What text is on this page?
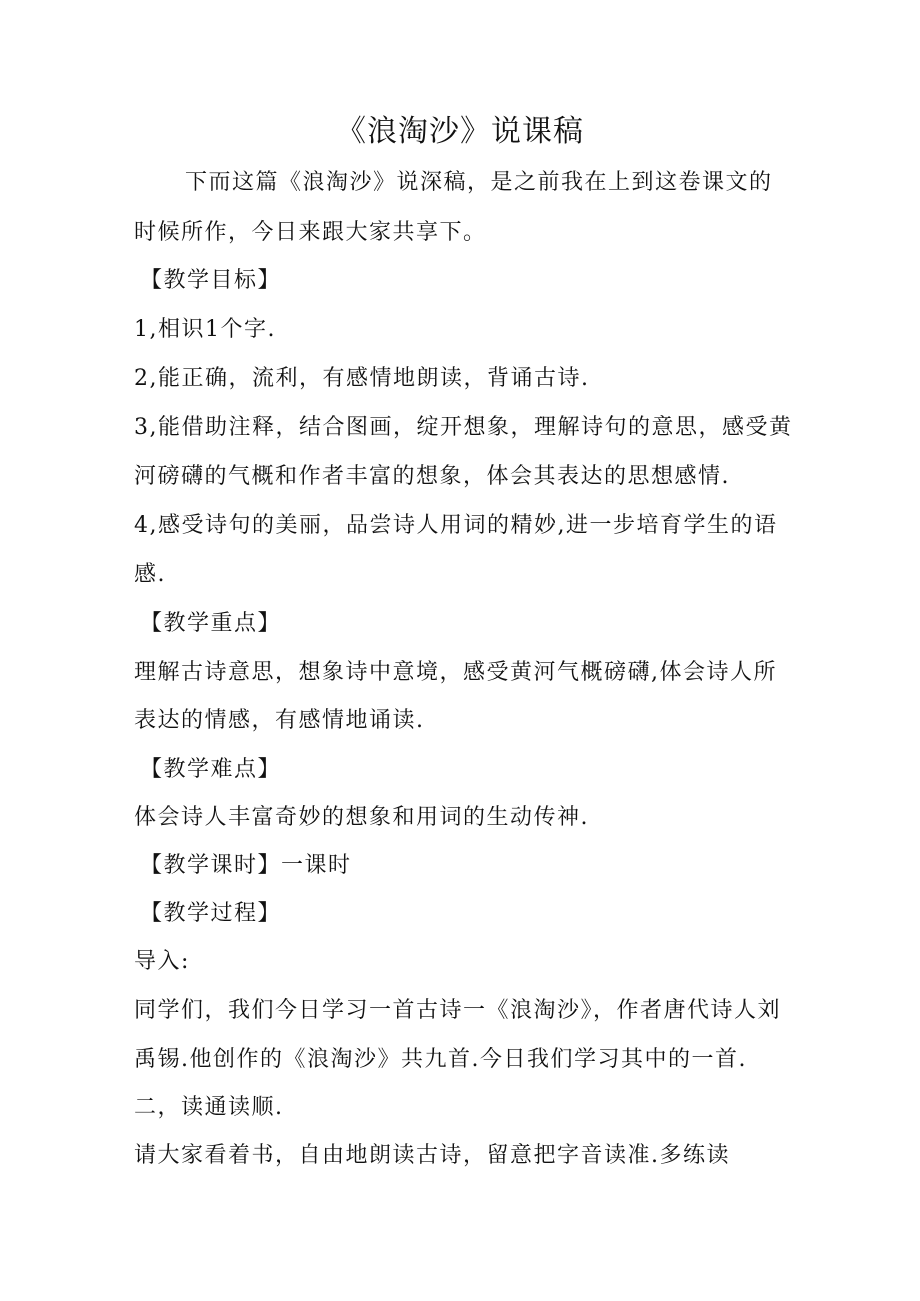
《浪淘沙》说课稿
下而这篇《浪淘沙》说深稿，是之前我在上到这卷课文的
时候所作，今日来跟大家共享下。
【教学目标】
1,相识1个字.
2,能正确，流利，有感情地朗读，背诵古诗.
3,能借助注释，结合图画，绽开想象，理解诗句的意思，感受黄
河磅礴的气概和作者丰富的想象，体会其表达的思想感情.
4,感受诗句的美丽，品尝诗人用词的精妙,进一步培育学生的语
感.
【教学重点】
理解古诗意思，想象诗中意境，感受黄河气概磅礴,体会诗人所
表达的情感，有感情地诵读.
【教学难点】
体会诗人丰富奇妙的想象和用词的生动传神.
【教学课时】一课时
【教学过程】
导入:
同学们，我们今日学习一首古诗一《浪淘沙》，作者唐代诗人刘
禹锡.他创作的《浪淘沙》共九首.今日我们学习其中的一首.
二，读通读顺.
请大家看着书，自由地朗读古诗，留意把字音读准.多练读
